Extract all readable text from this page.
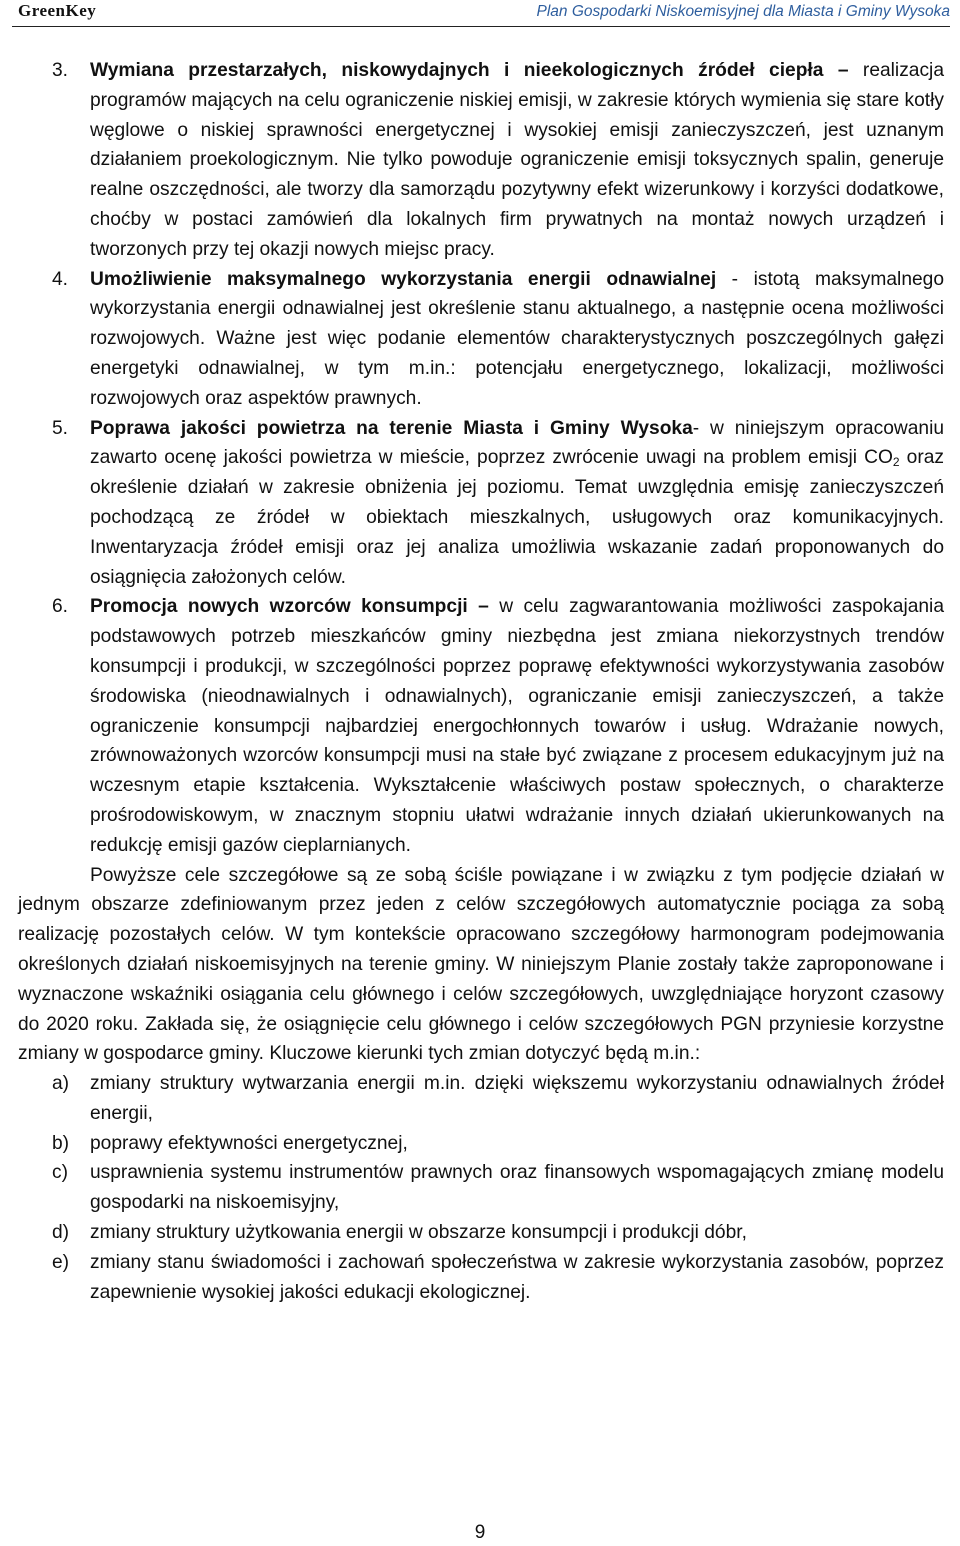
GreenKey	Plan Gospodarki Niskoemisyjnej dla Miasta i Gminy Wysoka
3. Wymiana przestarzałych, niskowydajnych i nieekologicznych źródeł ciepła – realizacja programów mających na celu ograniczenie niskiej emisji, w zakresie których wymienia się stare kotły węglowe o niskiej sprawności energetycznej i wysokiej emisji zanieczyszczeń, jest uznanym działaniem proekologicznym. Nie tylko powoduje ograniczenie emisji toksycznych spalin, generuje realne oszczędności, ale tworzy dla samorządu pozytywny efekt wizerunkowy i korzyści dodatkowe, choćby w postaci zamówień dla lokalnych firm prywatnych na montaż nowych urządzeń i tworzonych przy tej okazji nowych miejsc pracy.
4. Umożliwienie maksymalnego wykorzystania energii odnawialnej - istotą maksymalnego wykorzystania energii odnawialnej jest określenie stanu aktualnego, a następnie ocena możliwości rozwojowych. Ważne jest więc podanie elementów charakterystycznych poszczególnych gałęzi energetyki odnawialnej, w tym m.in.: potencjału energetycznego, lokalizacji, możliwości rozwojowych oraz aspektów prawnych.
5. Poprawa jakości powietrza na terenie Miasta i Gminy Wysoka- w niniejszym opracowaniu zawarto ocenę jakości powietrza w mieście, poprzez zwrócenie uwagi na problem emisji $CO_2$ oraz określenie działań w zakresie obniżenia jej poziomu. Temat uwzględnia emisję zanieczyszczeń pochodzącą ze źródeł w obiektach mieszkalnych, usługowych oraz komunikacyjnych. Inwentaryzacja źródeł emisji oraz jej analiza umożliwia wskazanie zadań proponowanych do osiągnięcia założonych celów.
6. Promocja nowych wzorców konsumpcji – w celu zagwarantowania możliwości zaspokajania podstawowych potrzeb mieszkańców gminy niezbędna jest zmiana niekorzystnych trendów konsumpcji i produkcji, w szczególności poprzez poprawę efektywności wykorzystywania zasobów środowiska (nieodnawialnych i odnawialnych), ograniczanie emisji zanieczyszczeń, a także ograniczenie konsumpcji najbardziej energochłonnych towarów i usług. Wdrażanie nowych, zrównoważonych wzorców konsumpcji musi na stałe być związane z procesem edukacyjnym już na wczesnym etapie kształcenia. Wykształcenie właściwych postaw społecznych, o charakterze prośrodowiskowym, w znacznym stopniu ułatwi wdrażanie innych działań ukierunkowanych na redukcję emisji gazów cieplarnianych.
Powyższe cele szczegółowe są ze sobą ściśle powiązane i w związku z tym podjęcie działań w jednym obszarze zdefiniowanym przez jeden z celów szczegółowych automatycznie pociąga za sobą realizację pozostałych celów. W tym kontekście opracowano szczegółowy harmonogram podejmowania określonych działań niskoemisyjnych na terenie gminy. W niniejszym Planie zostały także zaproponowane i wyznaczone wskaźniki osiągania celu głównego i celów szczegółowych, uwzględniające horyzont czasowy do 2020 roku. Zakłada się, że osiągnięcie celu głównego i celów szczegółowych PGN przyniesie korzystne zmiany w gospodarce gminy. Kluczowe kierunki tych zmian dotyczyć będą m.in.:
a) zmiany struktury wytwarzania energii m.in. dzięki większemu wykorzystaniu odnawialnych źródeł energii,
b) poprawy efektywności energetycznej,
c) usprawnienia systemu instrumentów prawnych oraz finansowych wspomagających zmianę modelu gospodarki na niskoemisyjny,
d) zmiany struktury użytkowania energii w obszarze konsumpcji i produkcji dóbr,
e) zmiany stanu świadomości i zachowań społeczeństwa w zakresie wykorzystania zasobów, poprzez zapewnienie wysokiej jakości edukacji ekologicznej.
9
